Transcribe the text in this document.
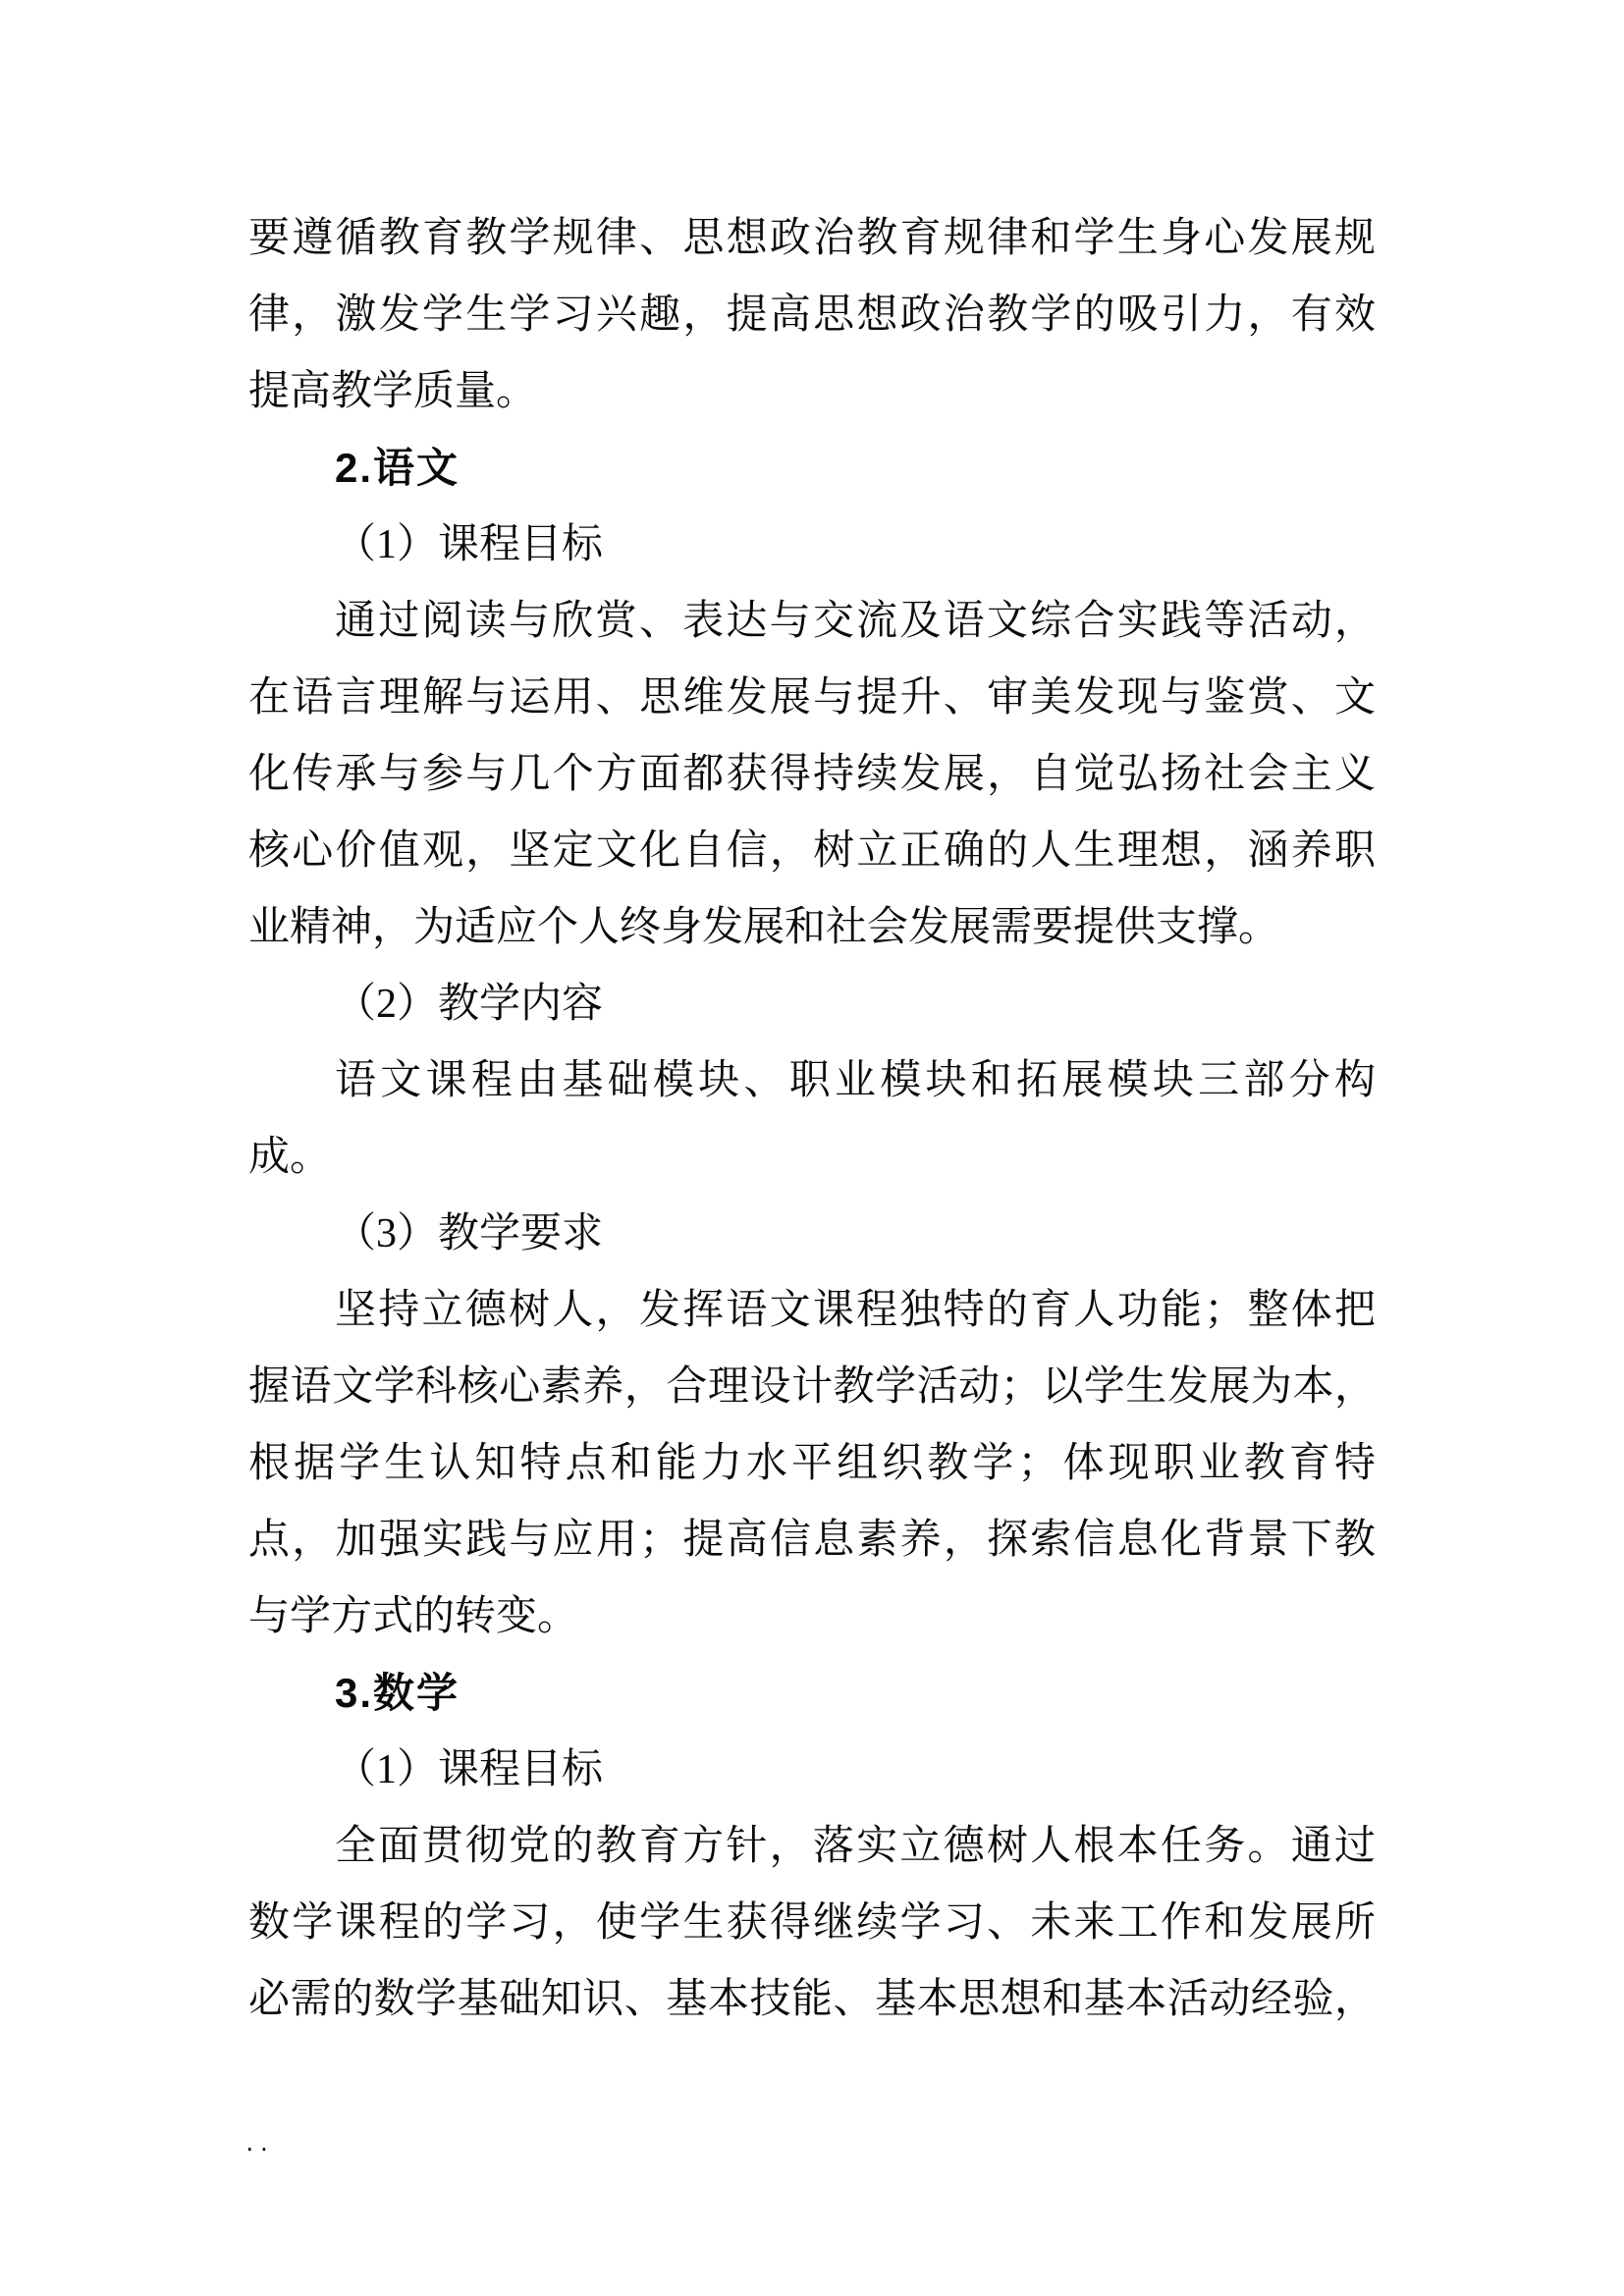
要遵循教育教学规律、思想政治教育规律和学生身心发展规
律，激发学生学习兴趣，提高思想政治教学的吸引力，有效
提高教学质量。
2.语文
（1）课程目标
通过阅读与欣赏、表达与交流及语文综合实践等活动，
在语言理解与运用、思维发展与提升、审美发现与鉴赏、文
化传承与参与几个方面都获得持续发展，自觉弘扬社会主义
核心价值观，坚定文化自信，树立正确的人生理想，涵养职
业精神，为适应个人终身发展和社会发展需要提供支撑。
（2）教学内容
语文课程由基础模块、职业模块和拓展模块三部分构
成。
（3）教学要求
坚持立德树人，发挥语文课程独特的育人功能；整体把
握语文学科核心素养，合理设计教学活动；以学生发展为本，
根据学生认知特点和能力水平组织教学；体现职业教育特
点，加强实践与应用；提高信息素养，探索信息化背景下教
与学方式的转变。
3.数学
（1）课程目标
全面贯彻党的教育方针，落实立德树人根本任务。通过
数学课程的学习，使学生获得继续学习、未来工作和发展所
必需的数学基础知识、基本技能、基本思想和基本活动经验，
..
